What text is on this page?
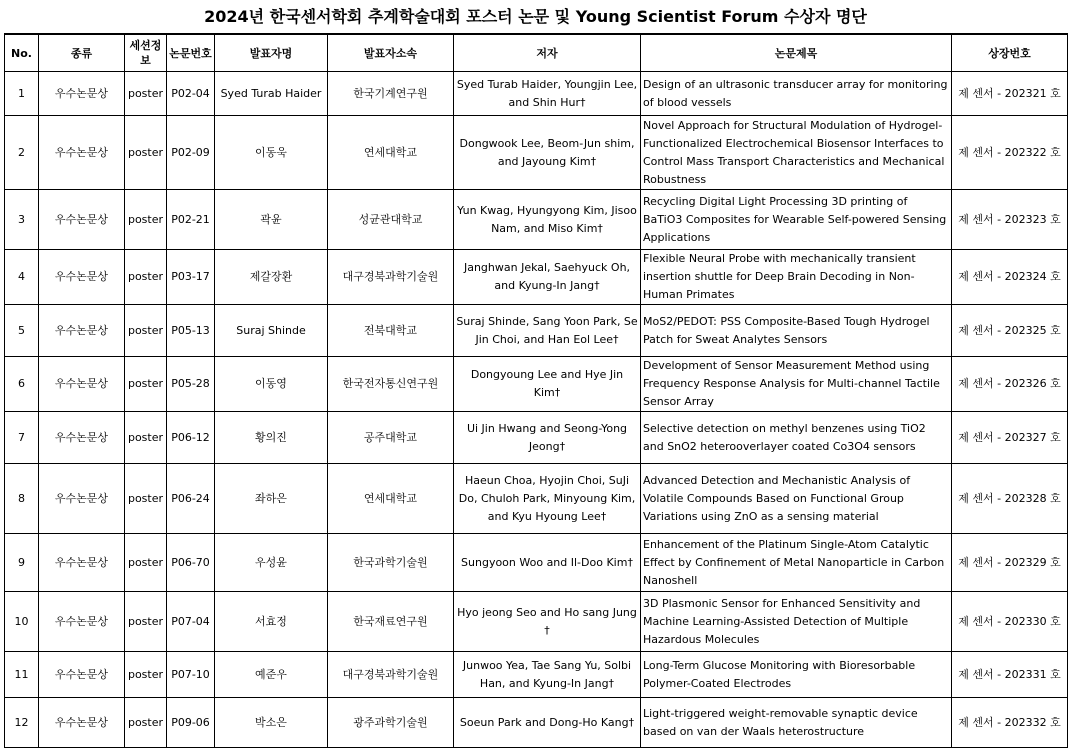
2024년 한국센서학회 추계학술대회 포스터 논문 및 Young Scientist Forum 수상자 명단
No.	종류	세션정보	논문번호	발표자명	발표자소속	저자	논문제목	상장번호
1	우수논문상	poster	P02-04	Syed Turab Haider	한국기계연구원	Syed Turab Haider, Youngjin Lee, and Shin Hur†	Design of an ultrasonic transducer array for monitoring of blood vessels	제 센서 - 202321 호
2	우수논문상	poster	P02-09	이동욱	연세대학교	Dongwook Lee, Beom-Jun shim, and Jayoung Kim†	Novel Approach for Structural Modulation of Hydrogel-Functionalized Electrochemical Biosensor Interfaces to Control Mass Transport Characteristics and Mechanical Robustness	제 센서 - 202322 호
3	우수논문상	poster	P02-21	곽윤	성균관대학교	Yun Kwag, Hyungyong Kim, Jisoo Nam, and Miso Kim†	Recycling Digital Light Processing 3D printing of BaTiO3 Composites for Wearable Self-powered Sensing Applications	제 센서 - 202323 호
4	우수논문상	poster	P03-17	제갈장환	대구경북과학기술원	Janghwan Jekal, Saehyuck Oh, and Kyung-In Jang†	Flexible Neural Probe with mechanically transient insertion shuttle for Deep Brain Decoding in Non-Human Primates	제 센서 - 202324 호
5	우수논문상	poster	P05-13	Suraj Shinde	전북대학교	Suraj Shinde, Sang Yoon Park, Se Jin Choi, and Han Eol Lee†	MoS2/PEDOT: PSS Composite-Based Tough Hydrogel Patch for Sweat Analytes Sensors	제 센서 - 202325 호
6	우수논문상	poster	P05-28	이동영	한국전자통신연구원	Dongyoung Lee and Hye Jin Kim†	Development of Sensor Measurement Method using Frequency Response Analysis for Multi-channel Tactile Sensor Array	제 센서 - 202326 호
7	우수논문상	poster	P06-12	황의진	공주대학교	Ui Jin Hwang and Seong-Yong Jeong†	Selective detection on methyl benzenes using TiO2 and SnO2 heterooverlayer coated Co3O4 sensors	제 센서 - 202327 호
8	우수논문상	poster	P06-24	좌하은	연세대학교	Haeun Choa, Hyojin Choi, SuJi Do, Chuloh Park, Minyoung Kim, and Kyu Hyoung Lee†	Advanced Detection and Mechanistic Analysis of Volatile Compounds Based on Functional Group Variations using ZnO as a sensing material	제 센서 - 202328 호
9	우수논문상	poster	P06-70	우성윤	한국과학기술원	Sungyoon Woo and Il-Doo Kim†	Enhancement of the Platinum Single-Atom Catalytic Effect by Confinement of Metal Nanoparticle in Carbon Nanoshell	제 센서 - 202329 호
10	우수논문상	poster	P07-04	서효정	한국재료연구원	Hyo jeong Seo and Ho sang Jung †	3D Plasmonic Sensor for Enhanced Sensitivity and Machine Learning-Assisted Detection of Multiple Hazardous Molecules	제 센서 - 202330 호
11	우수논문상	poster	P07-10	예준우	대구경북과학기술원	Junwoo Yea, Tae Sang Yu, Solbi Han, and Kyung-In Jang†	Long-Term Glucose Monitoring with Bioresorbable Polymer-Coated Electrodes	제 센서 - 202331 호
12	우수논문상	poster	P09-06	박소은	광주과학기술원	Soeun Park and Dong-Ho Kang†	Light-triggered weight-removable synaptic device based on van der Waals heterostructure	제 센서 - 202332 호
